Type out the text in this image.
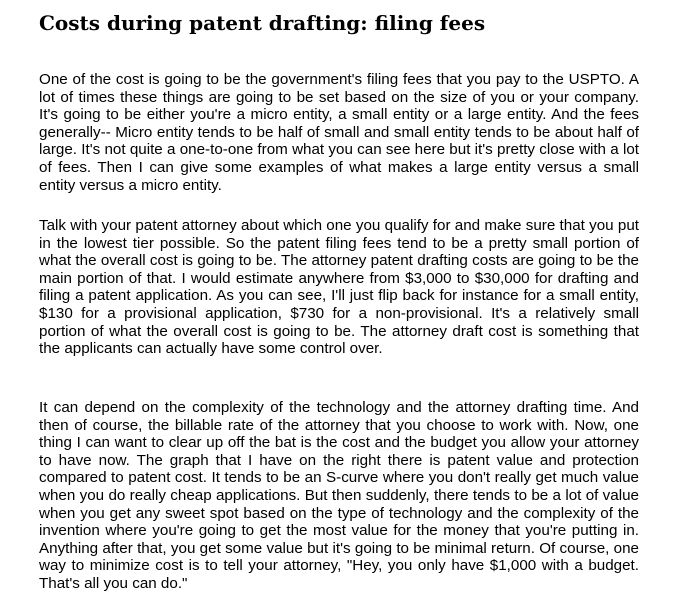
Costs during patent drafting: filing fees

One of the cost is going to be the government's filing fees that you pay to the USPTO. A lot of times these things are going to be set based on the size of you or your company. It's going to be either you're a micro entity, a small entity or a large entity. And the fees generally-- Micro entity tends to be half of small and small entity tends to be about half of large. It's not quite a one-to-one from what you can see here but it's pretty close with a lot of fees. Then I can give some examples of what makes a large entity versus a small entity versus a micro entity.

Talk with your patent attorney about which one you qualify for and make sure that you put in the lowest tier possible. So the patent filing fees tend to be a pretty small portion of what the overall cost is going to be. The attorney patent drafting costs are going to be the main portion of that. I would estimate anywhere from $3,000 to $30,000 for drafting and filing a patent application. As you can see, I'll just flip back for instance for a small entity, $130 for a provisional application, $730 for a non-provisional. It's a relatively small portion of what the overall cost is going to be. The attorney draft cost is something that the applicants can actually have some control over.

It can depend on the complexity of the technology and the attorney drafting time. And then of course, the billable rate of the attorney that you choose to work with. Now, one thing I can want to clear up off the bat is the cost and the budget you allow your attorney to have now. The graph that I have on the right there is patent value and protection compared to patent cost. It tends to be an S-curve where you don't really get much value when you do really cheap applications. But then suddenly, there tends to be a lot of value when you get any sweet spot based on the type of technology and the complexity of the invention where you're going to get the most value for the money that you're putting in. Anything after that, you get some value but it's going to be minimal return. Of course, one way to minimize cost is to tell your attorney, "Hey, you only have $1,000 with a budget. That's all you can do."
